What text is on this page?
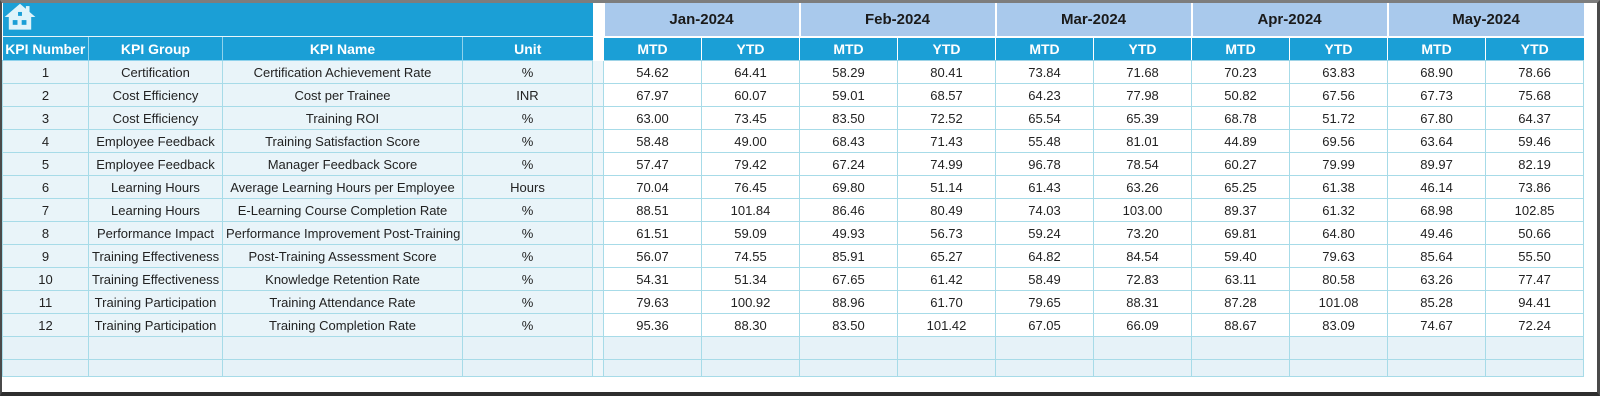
		Jan-2024		Feb-2024		Mar-2024		Apr-2024		May-2024	
KPI Number	KPI Group	KPI Name	Unit		MTD	YTD	MTD	YTD	MTD	YTD	MTD	YTD	MTD	YTD
1	Certification	Certification Achievement Rate	%		54.62	64.41	58.29	80.41	73.84	71.68	70.23	63.83	68.90	78.66
2	Cost Efficiency	Cost per Trainee	INR		67.97	60.07	59.01	68.57	64.23	77.98	50.82	67.56	67.73	75.68
3	Cost Efficiency	Training ROI	%		63.00	73.45	83.50	72.52	65.54	65.39	68.78	51.72	67.80	64.37
4	Employee Feedback	Training Satisfaction Score	%		58.48	49.00	68.43	71.43	55.48	81.01	44.89	69.56	63.64	59.46
5	Employee Feedback	Manager Feedback Score	%		57.47	79.42	67.24	74.99	96.78	78.54	60.27	79.99	89.97	82.19
6	Learning Hours	Average Learning Hours per Employee	Hours		70.04	76.45	69.80	51.14	61.43	63.26	65.25	61.38	46.14	73.86
7	Learning Hours	E-Learning Course Completion Rate	%		88.51	101.84	86.46	80.49	74.03	103.00	89.37	61.32	68.98	102.85
8	Performance Impact	Performance Improvement Post-Training	%		61.51	59.09	49.93	56.73	59.24	73.20	69.81	64.80	49.46	50.66
9	Training Effectiveness	Post-Training Assessment Score	%		56.07	74.55	85.91	65.27	64.82	84.54	59.40	79.63	85.64	55.50
10	Training Effectiveness	Knowledge Retention Rate	%		54.31	51.34	67.65	61.42	58.49	72.83	63.11	80.58	63.26	77.47
11	Training Participation	Training Attendance Rate	%		79.63	100.92	88.96	61.70	79.65	88.31	87.28	101.08	85.28	94.41
12	Training Participation	Training Completion Rate	%		95.36	88.30	83.50	101.42	67.05	66.09	88.67	83.09	74.67	72.24
